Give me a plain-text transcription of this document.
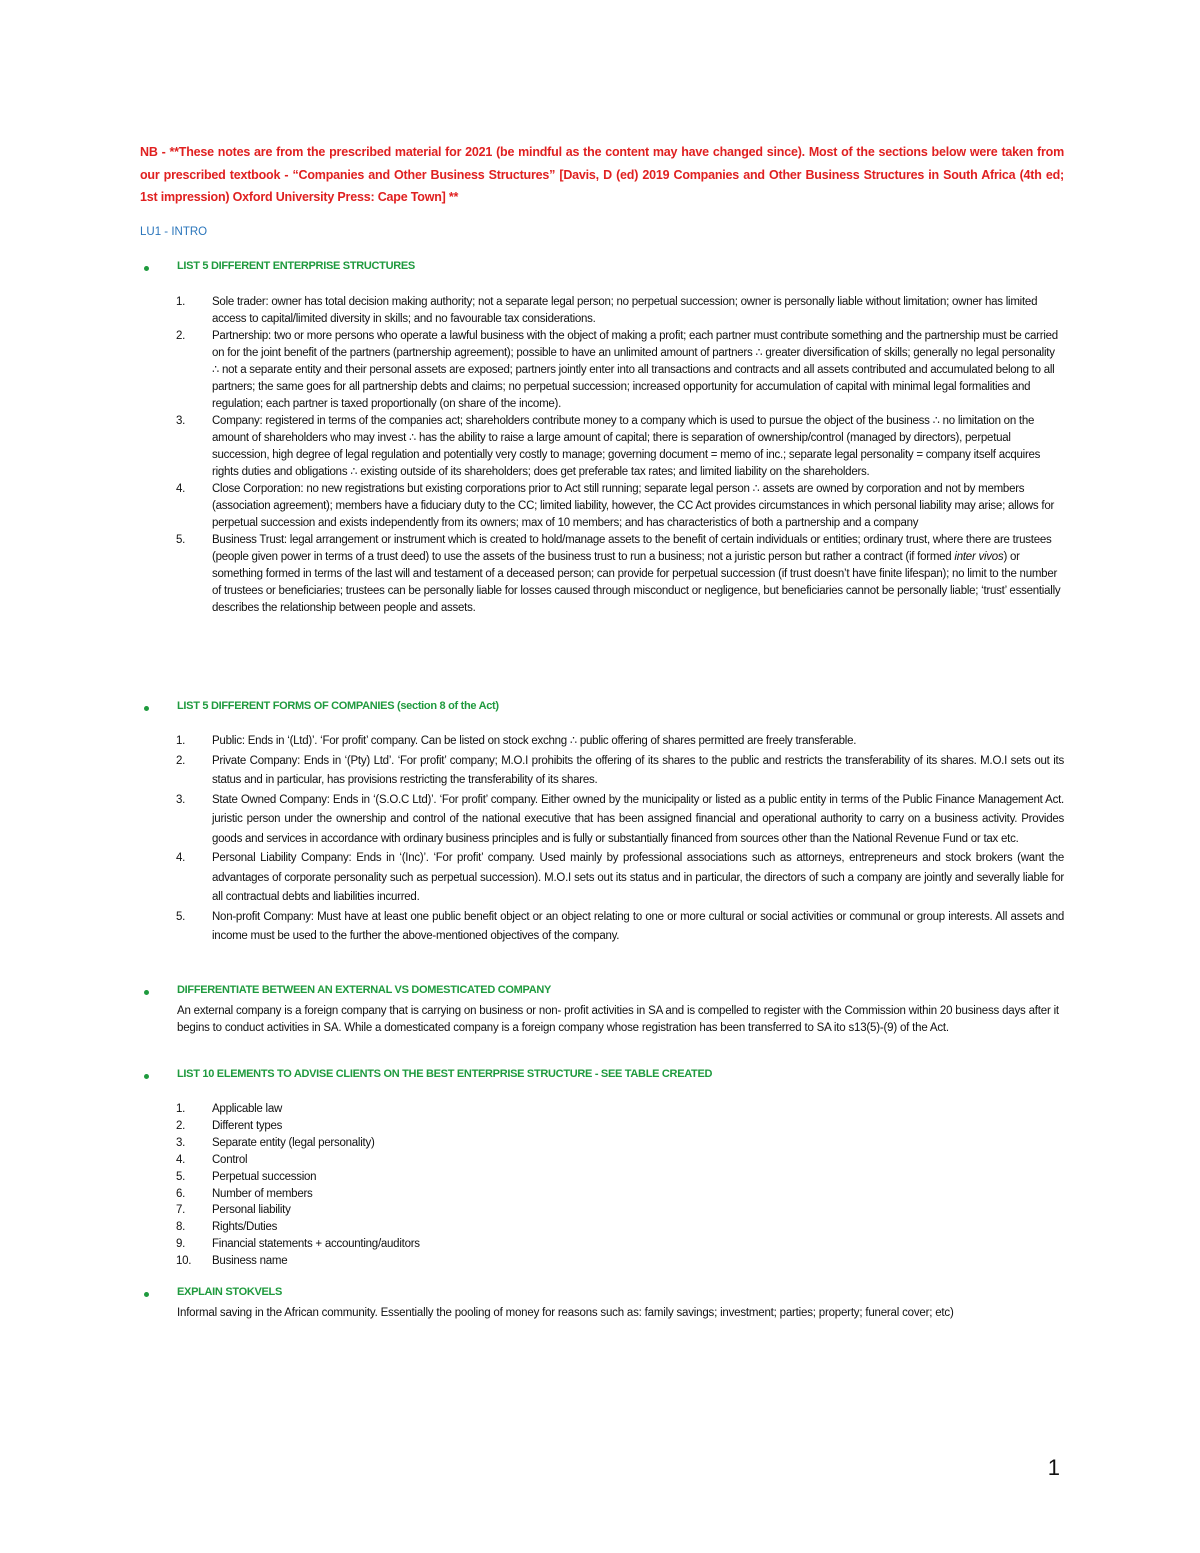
NB - **These notes are from the prescribed material for 2021 (be mindful as the content may have changed since). Most of the sections below were taken from our prescribed textbook - “Companies and Other Business Structures” [Davis, D (ed) 2019 Companies and Other Business Structures in South Africa (4th ed; 1st impression) Oxford University Press: Cape Town] **
LU1 - INTRO
LIST 5 DIFFERENT ENTERPRISE STRUCTURES
1. Sole trader: owner has total decision making authority; not a separate legal person; no perpetual succession; owner is personally liable without limitation; owner has limited access to capital/limited diversity in skills; and no favourable tax considerations.
2. Partnership: two or more persons who operate a lawful business with the object of making a profit; each partner must contribute something and the partnership must be carried on for the joint benefit of the partners (partnership agreement); possible to have an unlimited amount of partners ∴ greater diversification of skills; generally no legal personality ∴ not a separate entity and their personal assets are exposed; partners jointly enter into all transactions and contracts and all assets contributed and accumulated belong to all partners; the same goes for all partnership debts and claims; no perpetual succession; increased opportunity for accumulation of capital with minimal legal formalities and regulation; each partner is taxed proportionally (on share of the income).
3. Company: registered in terms of the companies act; shareholders contribute money to a company which is used to pursue the object of the business ∴ no limitation on the amount of shareholders who may invest ∴ has the ability to raise a large amount of capital; there is separation of ownership/control (managed by directors), perpetual succession, high degree of legal regulation and potentially very costly to manage; governing document = memo of inc.; separate legal personality = company itself acquires rights duties and obligations ∴ existing outside of its shareholders; does get preferable tax rates; and limited liability on the shareholders.
4. Close Corporation: no new registrations but existing corporations prior to Act still running; separate legal person ∴ assets are owned by corporation and not by members (association agreement); members have a fiduciary duty to the CC; limited liability, however, the CC Act provides circumstances in which personal liability may arise; allows for perpetual succession and exists independently from its owners; max of 10 members; and has characteristics of both a partnership and a company
5. Business Trust: legal arrangement or instrument which is created to hold/manage assets to the benefit of certain individuals or entities; ordinary trust, where there are trustees (people given power in terms of a trust deed) to use the assets of the business trust to run a business; not a juristic person but rather a contract (if formed inter vivos) or something formed in terms of the last will and testament of a deceased person; can provide for perpetual succession (if trust doesn’t have finite lifespan); no limit to the number of trustees or beneficiaries; trustees can be personally liable for losses caused through misconduct or negligence, but beneficiaries cannot be personally liable; ‘trust’ essentially describes the relationship between people and assets.
LIST 5 DIFFERENT FORMS OF COMPANIES (section 8 of the Act)
1. Public: Ends in ‘(Ltd)’. ‘For profit’ company. Can be listed on stock exchng ∴ public offering of shares permitted are freely transferable.
2. Private Company: Ends in ‘(Pty) Ltd’. ‘For profit’ company; M.O.I prohibits the offering of its shares to the public and restricts the transferability of its shares. M.O.I sets out its status and in particular, has provisions restricting the transferability of its shares.
3. State Owned Company: Ends in ‘(S.O.C Ltd)’. ‘For profit’ company. Either owned by the municipality or listed as a public entity in terms of the Public Finance Management Act. juristic person under the ownership and control of the national executive that has been assigned financial and operational authority to carry on a business activity. Provides goods and services in accordance with ordinary business principles and is fully or substantially financed from sources other than the National Revenue Fund or tax etc.
4. Personal Liability Company: Ends in ‘(Inc)’. ‘For profit’ company. Used mainly by professional associations such as attorneys, entrepreneurs and stock brokers (want the advantages of corporate personality such as perpetual succession). M.O.I sets out its status and in particular, the directors of such a company are jointly and severally liable for all contractual debts and liabilities incurred.
5. Non-profit Company: Must have at least one public benefit object or an object relating to one or more cultural or social activities or communal or group interests. All assets and income must be used to the further the above-mentioned objectives of the company.
DIFFERENTIATE BETWEEN AN EXTERNAL VS DOMESTICATED COMPANY
An external company is a foreign company that is carrying on business or non- profit activities in SA and is compelled to register with the Commission within 20 business days after it begins to conduct activities in SA. While a domesticated company is a foreign company whose registration has been transferred to SA ito s13(5)-(9) of the Act.
LIST 10 ELEMENTS TO ADVISE CLIENTS ON THE BEST ENTERPRISE STRUCTURE - SEE TABLE CREATED
1. Applicable law
2. Different types
3. Separate entity (legal personality)
4. Control
5. Perpetual succession
6. Number of members
7. Personal liability
8. Rights/Duties
9. Financial statements + accounting/auditors
10. Business name
EXPLAIN STOKVELS
Informal saving in the African community. Essentially the pooling of money for reasons such as: family savings; investment; parties; property; funeral cover; etc)
1
